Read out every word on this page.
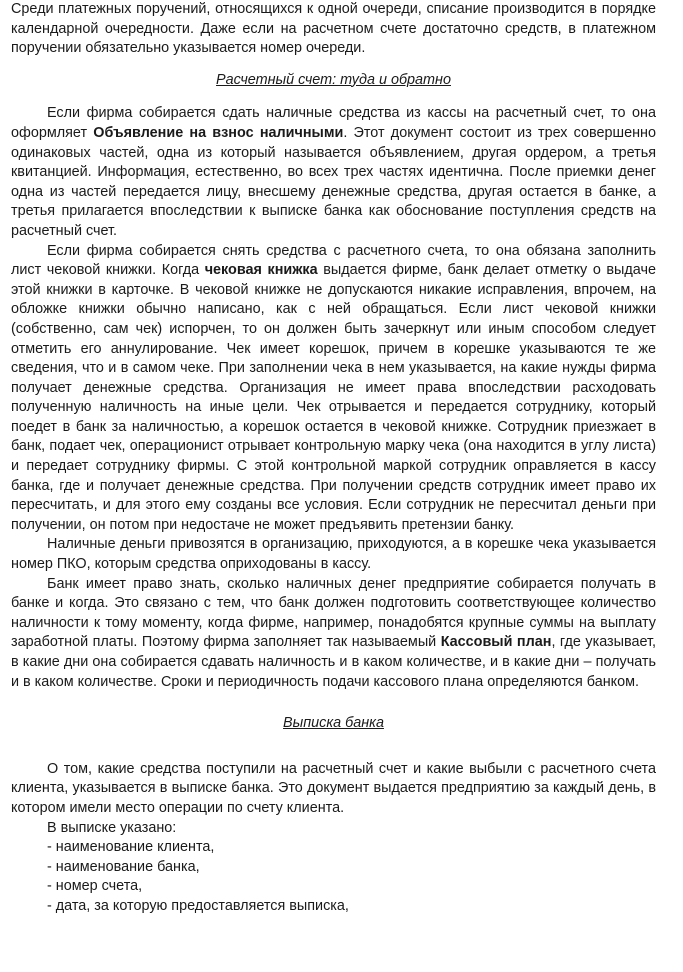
Среди платежных поручений, относящихся к одной очереди, списание производится в порядке календарной очередности. Даже если на расчетном счете достаточно средств, в платежном поручении обязательно указывается номер очереди.

Расчетный счет: туда и обратно

Если фирма собирается сдать наличные средства из кассы на расчетный счет, то она оформляет Объявление на взнос наличными. Этот документ состоит из трех совершенно одинаковых частей, одна из который называется объявлением, другая ордером, а третья квитанцией. Информация, естественно, во всех трех частях идентична. После приемки денег одна из частей передается лицу, внесшему денежные средства, другая остается в банке, а третья прилагается впоследствии к выписке банка как обоснование поступления средств на расчетный счет.

Если фирма собирается снять средства с расчетного счета, то она обязана заполнить лист чековой книжки. Когда чековая книжка выдается фирме, банк делает отметку о выдаче этой книжки в карточке. В чековой книжке не допускаются никакие исправления, впрочем, на обложке книжки обычно написано, как с ней обращаться. Если лист чековой книжки (собственно, сам чек) испорчен, то он должен быть зачеркнут или иным способом следует отметить его аннулирование. Чек имеет корешок, причем в корешке указываются те же сведения, что и в самом чеке. При заполнении чека в нем указывается, на какие нужды фирма получает денежные средства. Организация не имеет права впоследствии расходовать полученную наличность на иные цели. Чек отрывается и передается сотруднику, который поедет в банк за наличностью, а корешок остается в чековой книжке. Сотрудник приезжает в банк, подает чек, операционист отрывает контрольную марку чека (она находится в углу листа) и передает сотруднику фирмы. С этой контрольной маркой сотрудник оправляется в кассу банка, где и получает денежные средства. При получении средств сотрудник имеет право их пересчитать, и для этого ему созданы все условия. Если сотрудник не пересчитал деньги при получении, он потом при недостаче не может предъявить претензии банку.

Наличные деньги привозятся в организацию, приходуются, а в корешке чека указывается номер ПКО, которым средства оприходованы в кассу.

Банк имеет право знать, сколько наличных денег предприятие собирается получать в банке и когда. Это связано с тем, что банк должен подготовить соответствующее количество наличности к тому моменту, когда фирме, например, понадобятся крупные суммы на выплату заработной платы. Поэтому фирма заполняет так называемый Кассовый план, где указывает, в какие дни она собирается сдавать наличность и в каком количестве, и в какие дни – получать и в каком количестве. Сроки и периодичность подачи кассового плана определяются банком.

Выписка банка

О том, какие средства поступили на расчетный счет и какие выбыли с расчетного счета клиента, указывается в выписке банка. Это документ выдается предприятию за каждый день, в котором имели место операции по счету клиента.

В выписке указано:

- наименование клиента,

- наименование банка,

- номер счета,

- дата, за которую предоставляется выписка,
